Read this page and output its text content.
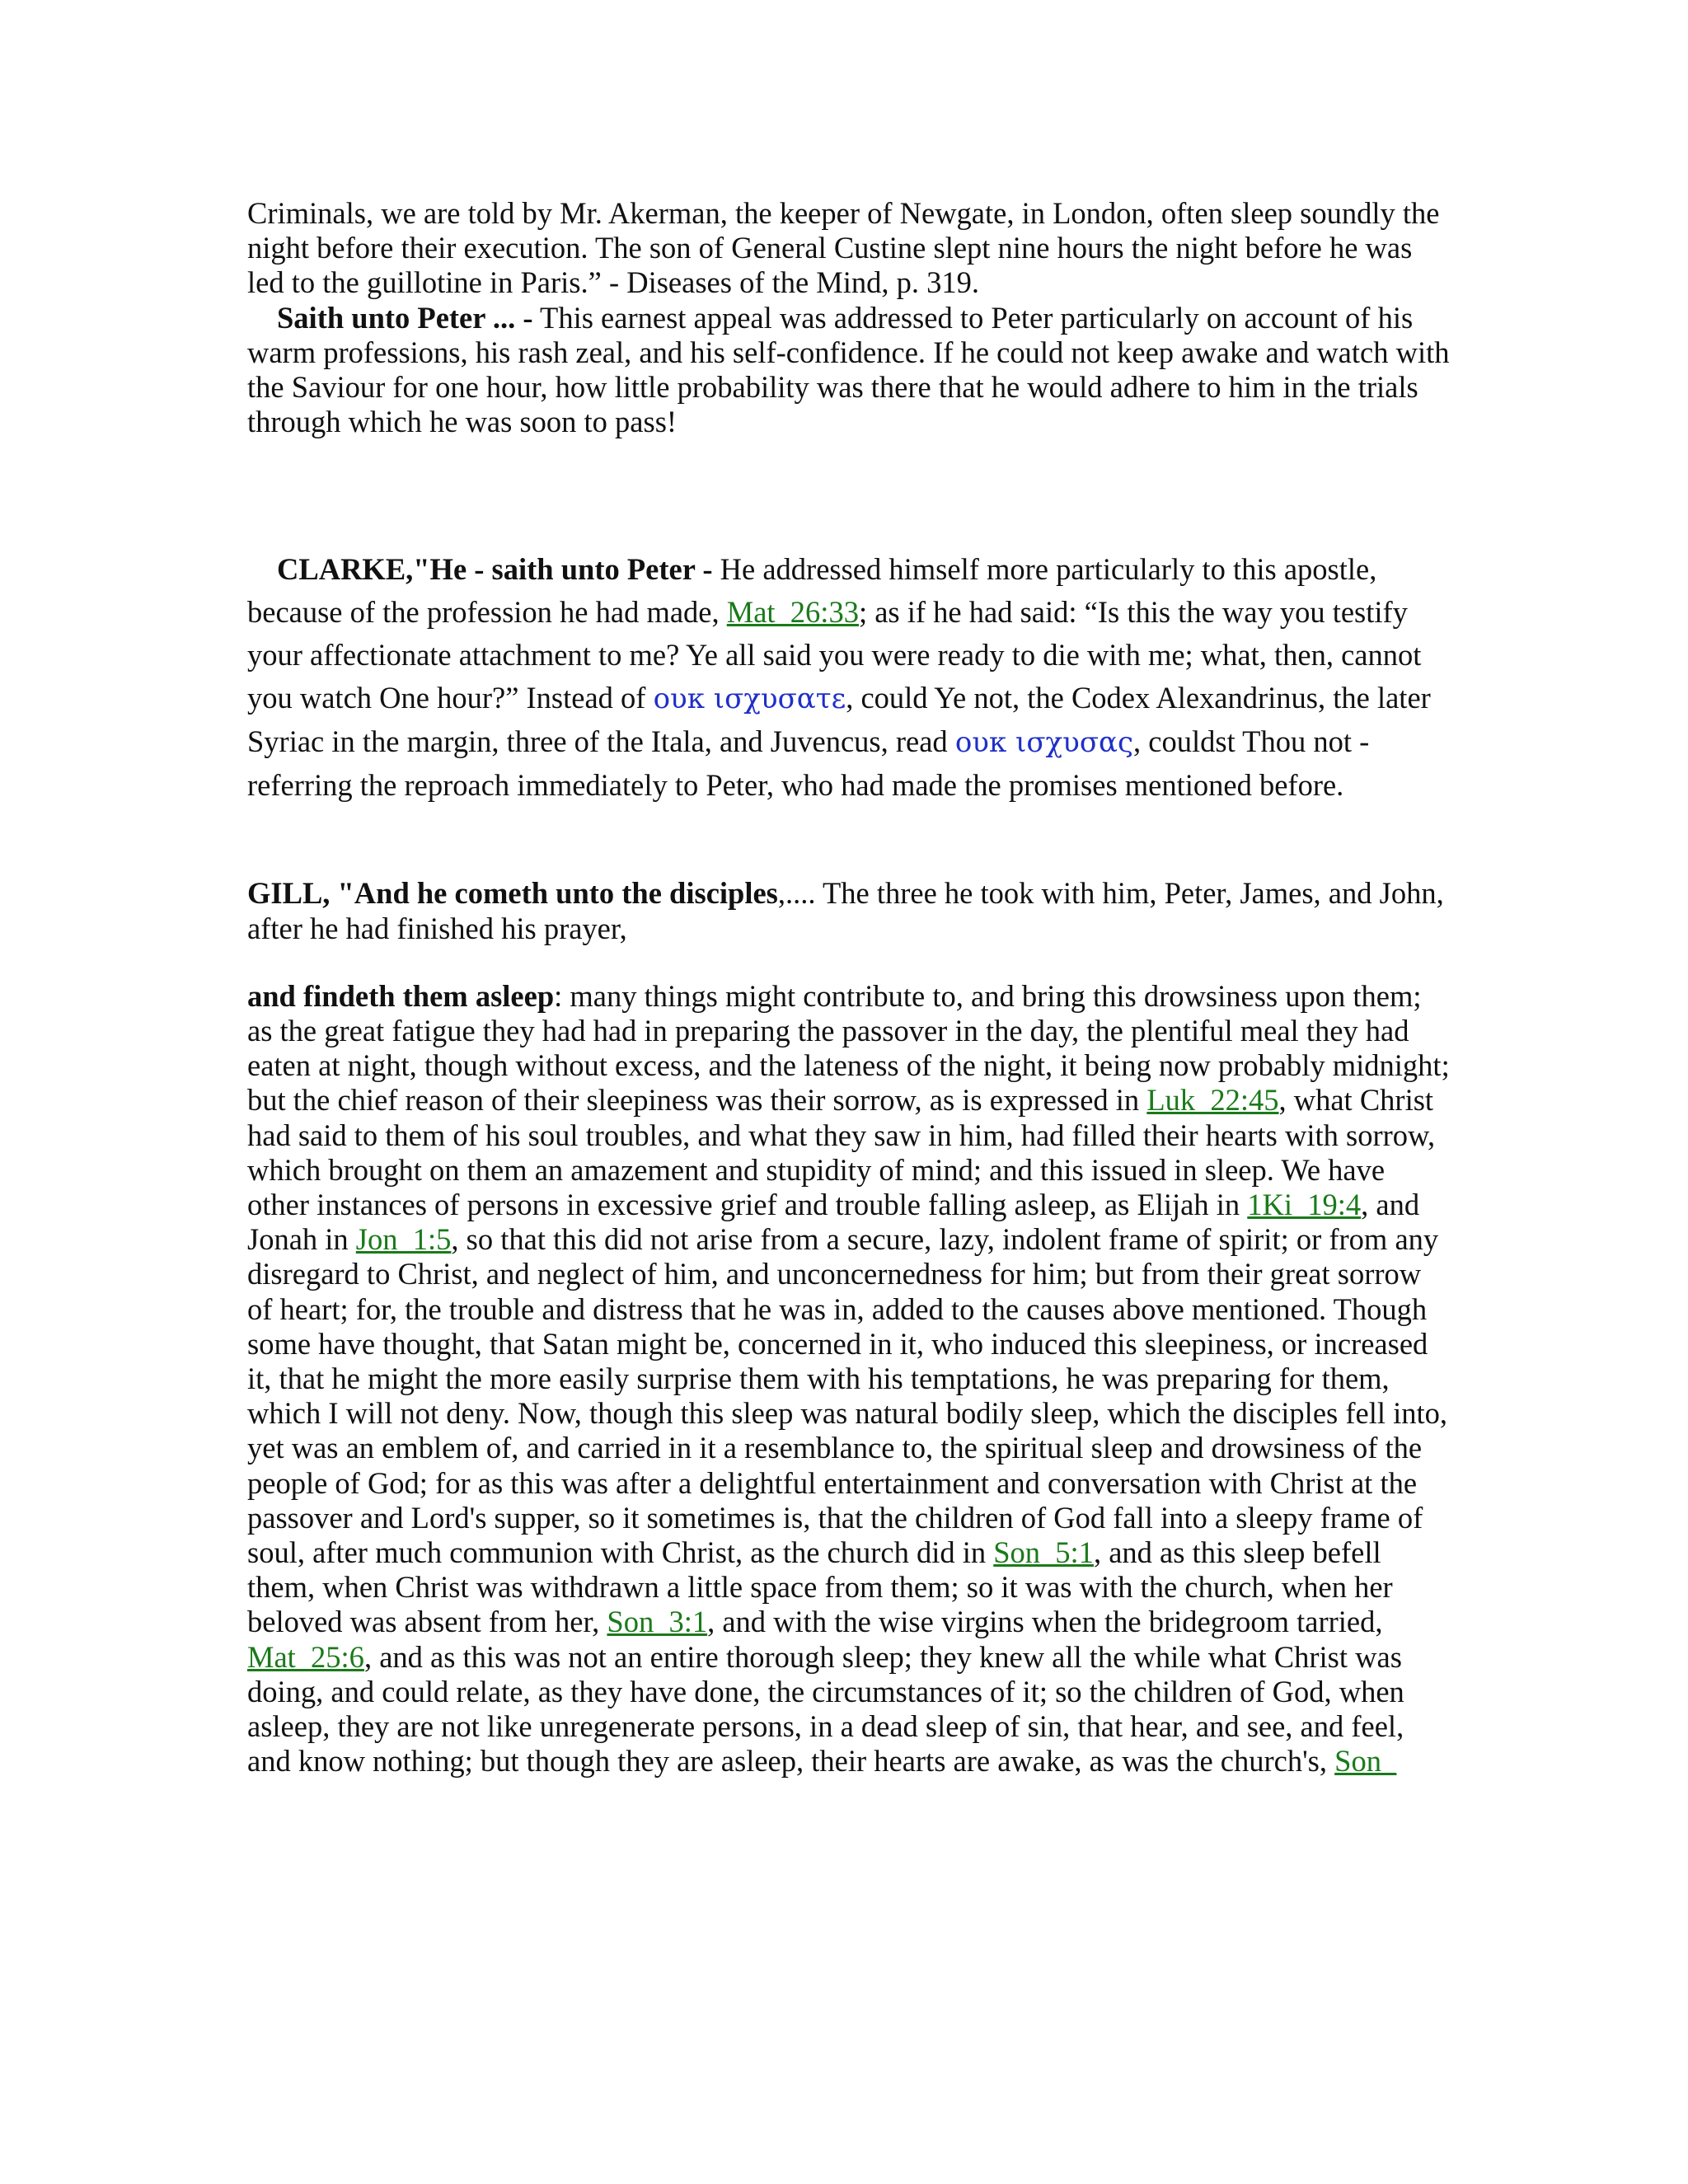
Criminals, we are told by Mr. Akerman, the keeper of Newgate, in London, often sleep soundly the night before their execution. The son of General Custine slept nine hours the night before he was led to the guillotine in Paris.” - Diseases of the Mind, p. 319.

Saith unto Peter ... - This earnest appeal was addressed to Peter particularly on account of his warm professions, his rash zeal, and his self-confidence. If he could not keep awake and watch with the Saviour for one hour, how little probability was there that he would adhere to him in the trials through which he was soon to pass!

CLARKE,"He - saith unto Peter - He addressed himself more particularly to this apostle, because of the profession he had made, Mat_26:33; as if he had said: “Is this the way you testify your affectionate attachment to me? Ye all said you were ready to die with me; what, then, cannot you watch One hour?” Instead of ουκ ισχυσατε, could Ye not, the Codex Alexandrinus, the later Syriac in the margin, three of the Itala, and Juvencus, read ουκ ισχυσας, couldst Thou not - referring the reproach immediately to Peter, who had made the promises mentioned before.

GILL, "And he cometh unto the disciples,.... The three he took with him, Peter, James, and John, after he had finished his prayer,

and findeth them asleep: many things might contribute to, and bring this drowsiness upon them; as the great fatigue they had had in preparing the passover in the day, the plentiful meal they had eaten at night, though without excess, and the lateness of the night, it being now probably midnight; but the chief reason of their sleepiness was their sorrow, as is expressed in Luk_22:45, what Christ had said to them of his soul troubles, and what they saw in him, had filled their hearts with sorrow, which brought on them an amazement and stupidity of mind; and this issued in sleep. We have other instances of persons in excessive grief and trouble falling asleep, as Elijah in 1Ki_19:4, and Jonah in Jon_1:5, so that this did not arise from a secure, lazy, indolent frame of spirit; or from any disregard to Christ, and neglect of him, and unconcernedness for him; but from their great sorrow of heart; for, the trouble and distress that he was in, added to the causes above mentioned. Though some have thought, that Satan might be, concerned in it, who induced this sleepiness, or increased it, that he might the more easily surprise them with his temptations, he was preparing for them, which I will not deny. Now, though this sleep was natural bodily sleep, which the disciples fell into, yet was an emblem of, and carried in it a resemblance to, the spiritual sleep and drowsiness of the people of God; for as this was after a delightful entertainment and conversation with Christ at the passover and Lord's supper, so it sometimes is, that the children of God fall into a sleepy frame of soul, after much communion with Christ, as the church did in Son_5:1, and as this sleep befell them, when Christ was withdrawn a little space from them; so it was with the church, when her beloved was absent from her, Son_3:1, and with the wise virgins when the bridegroom tarried, Mat_25:6, and as this was not an entire thorough sleep; they knew all the while what Christ was doing, and could relate, as they have done, the circumstances of it; so the children of God, when asleep, they are not like unregenerate persons, in a dead sleep of sin, that hear, and see, and feel, and know nothing; but though they are asleep, their hearts are awake, as was the church's, Son_
